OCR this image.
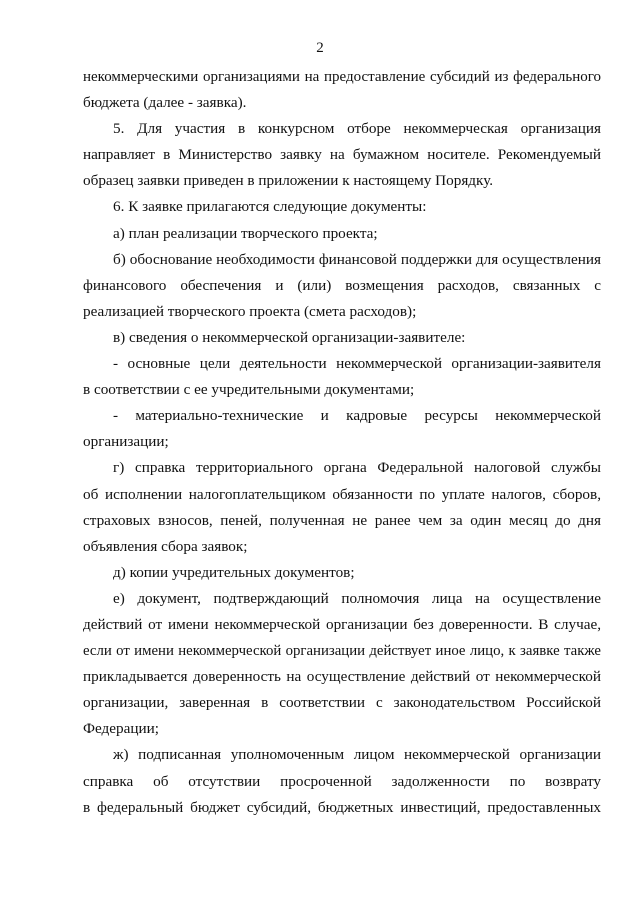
2
некоммерческими организациями на предоставление субсидий из федерального
бюджета (далее - заявка).
5. Для участия в конкурсном отборе некоммерческая организация
направляет в Министерство заявку на бумажном носителе. Рекомендуемый
образец заявки приведен в приложении к настоящему Порядку.
6. К заявке прилагаются следующие документы:
а) план реализации творческого проекта;
б) обоснование необходимости финансовой поддержки для осуществления
финансового обеспечения и (или) возмещения расходов, связанных с
реализацией творческого проекта (смета расходов);
в) сведения о некоммерческой организации-заявителе:
- основные цели деятельности некоммерческой организации-заявителя
в соответствии с ее учредительными документами;
- материально-технические и кадровые ресурсы некоммерческой
организации;
г) справка территориального органа Федеральной налоговой службы
об исполнении налогоплательщиком обязанности по уплате налогов, сборов,
страховых взносов, пеней, полученная не ранее чем за один месяц до дня
объявления сбора заявок;
д) копии учредительных документов;
е) документ, подтверждающий полномочия лица на осуществление
действий от имени некоммерческой организации без доверенности. В случае,
если от имени некоммерческой организации действует иное лицо, к заявке также
прикладывается доверенность на осуществление действий от некоммерческой
организации, заверенная в соответствии с законодательством Российской
Федерации;
ж) подписанная уполномоченным лицом некоммерческой организации
справка об отсутствии просроченной задолженности по возврату
в федеральный бюджет субсидий, бюджетных инвестиций, предоставленных
